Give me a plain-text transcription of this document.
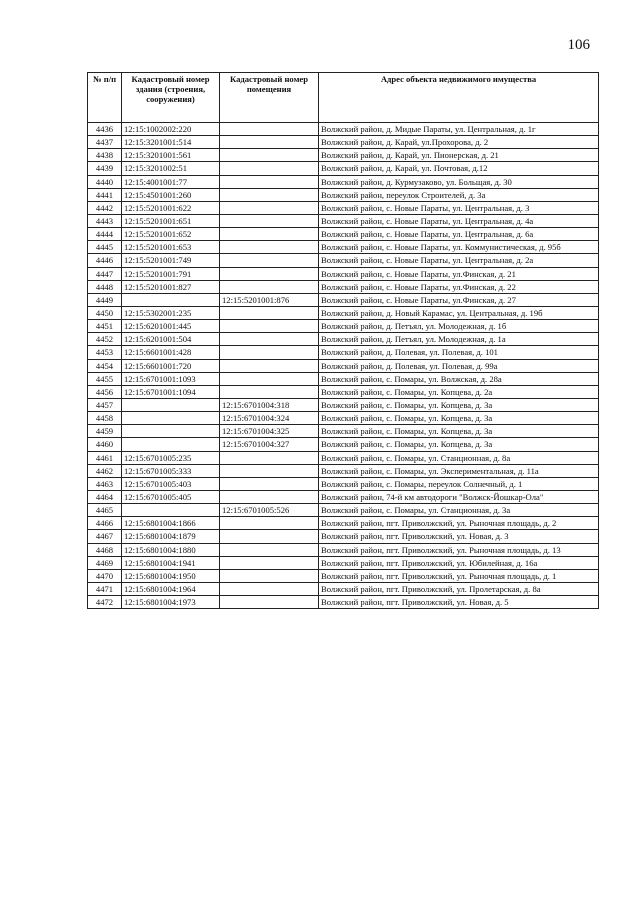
106
№ п/п	Кадастровый номер здания (строения, сооружения)	Кадастровый номер помещения	Адрес объекта недвижимого имущества
4436	12:15:1002002:220		Волжский район, д. Мидые Параты, ул. Центральная, д. 1г
4437	12:15:3201001:514		Волжский район, д. Карай, ул.Прохорова, д. 2
4438	12:15:3201001:561		Волжский район, д. Карай, ул. Пионерская, д. 21
4439	12:15:3201002:51		Волжский район, д. Карай, ул. Почтовая, д.12
4440	12:15:4001001:77		Волжский район, д. Курмузаково, ул. Больщая, д. 30
4441	12:15:4501001:260		Волжский район, переулок Строителей, д. 3а
4442	12:15:5201001:622		Волжский район, с. Новые Параты, ул. Центральная, д. 3
4443	12:15:5201001:651		Волжский район, с. Новые Параты, ул. Центральная, д. 4а
4444	12:15:5201001:652		Волжский район, с. Новые Параты, ул. Центральная, д. 6а
4445	12:15:5201001:653		Волжский район, с. Новые Параты, ул. Коммунистическая, д. 95б
4446	12:15:5201001:749		Волжский район, с. Новые Параты, ул. Центральная, д. 2а
4447	12:15:5201001:791		Волжский район, с. Новые Параты, ул.Финская, д. 21
4448	12:15:5201001:827		Волжский район, с. Новые Параты, ул.Финская, д. 22
4449		12:15:5201001:876	Волжский район, с. Новые Параты, ул.Финская, д. 27
4450	12:15:5302001:235		Волжский район, д. Новый Карамас, ул. Центральная, д. 19б
4451	12:15:6201001:445		Волжский район, д. Петъял, ул. Молодежная, д. 1б
4452	12:15:6201001:504		Волжский район, д. Петъял, ул. Молодежная, д. 1а
4453	12:15:6601001:428		Волжский район, д. Полевая, ул. Полевая, д. 101
4454	12:15:6601001:720		Волжский район, д. Полевая, ул. Полевая, д. 99а
4455	12:15:6701001:1093		Волжский район, с. Помары, ул. Волжская, д. 28а
4456	12:15:6701001:1094		Волжский район, с. Помары, ул. Копцева, д. 2а
4457		12:15:6701004:318	Волжский район, с. Помары, ул. Копцева, д. 3а
4458		12:15:6701004:324	Волжский район, с. Помары, ул. Копцева, д. 3а
4459		12:15:6701004:325	Волжский район, с. Помары, ул. Копцева, д. 3а
4460		12:15:6701004:327	Волжский район, с. Помары, ул. Копцева, д. 3а
4461	12:15:6701005:235		Волжский район, с. Помары, ул. Станционная, д. 8а
4462	12:15:6701005:333		Волжский район, с. Помары, ул. Экспериментальная, д. 11а
4463	12:15:6701005:403		Волжский район, с. Помары, переулок Солнечный, д. 1
4464	12:15:6701005:405		Волжский район, 74-й км автодороги "Волжск-Йошкар-Ола"
4465		12:15:6701005:526	Волжский район, с. Помары, ул. Станционная, д. 3а
4466	12:15:6801004:1866		Волжский район, пгт. Приволжский, ул. Рыночная площадь, д. 2
4467	12:15:6801004:1879		Волжский район, пгт. Приволжский, ул. Новая, д. 3
4468	12:15:6801004:1880		Волжский район, пгт. Приволжский, ул. Рыночная площадь, д. 13
4469	12:15:6801004:1941		Волжский район, пгт. Приволжский, ул. Юбилейная, д. 16а
4470	12:15:6801004:1950		Волжский район, пгт. Приволжский, ул. Рыночная площадь, д. 1
4471	12:15:6801004:1964		Волжский район, пгт. Приволжский, ул. Пролетарская, д. 8а
4472	12:15:6801004:1973		Волжский район, пгт. Приволжский, ул. Новая, д. 5
